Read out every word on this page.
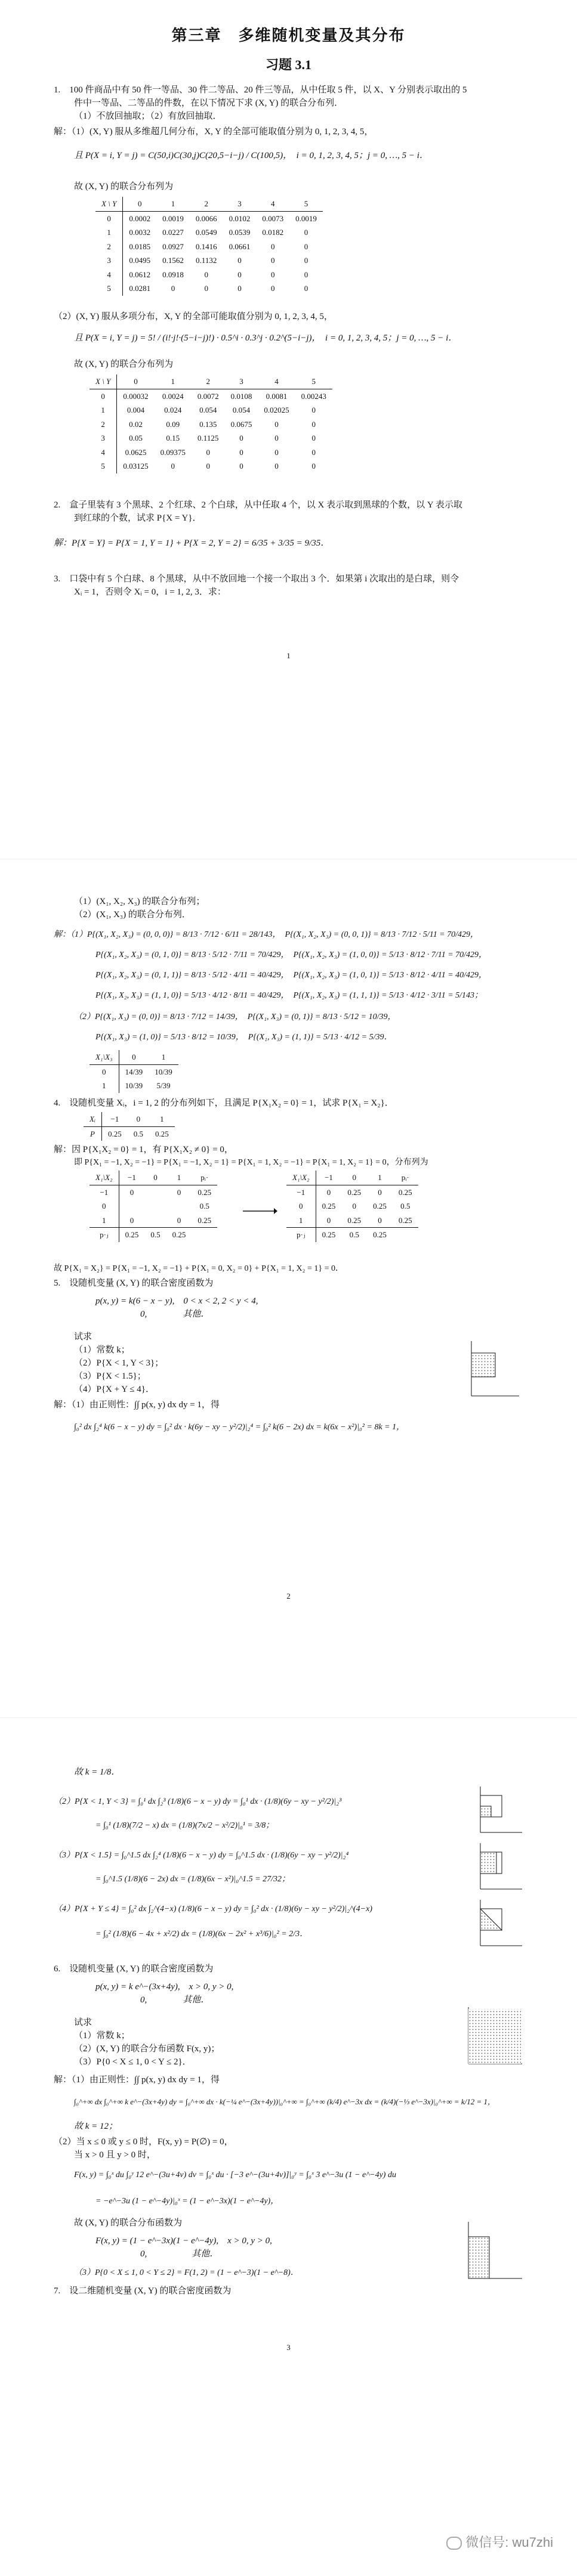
第三章　多维随机变量及其分布
习题 3.1
1.　100 件商品中有 50 件一等品、30 件二等品、20 件三等品，从中任取 5 件，以 X、Y 分别表示取出的 5
件中一等品、二等品的件数，在以下情况下求 (X, Y) 的联合分布列．
（1）不放回抽取；（2）有放回抽取．
解：（1）(X, Y) 服从多维超几何分布，X, Y 的全部可能取值分别为 0, 1, 2, 3, 4, 5，
且 P(X = i, Y = j) = C(50,i)C(30,j)C(20,5−i−j) / C(100,5)，　i = 0, 1, 2, 3, 4, 5；j = 0, …, 5 − i．
故 (X, Y) 的联合分布列为
X \ Y	0	1	2	3	4	5
0	0.0002	0.0019	0.0066	0.0102	0.0073	0.0019
1	0.0032	0.0227	0.0549	0.0539	0.0182	0
2	0.0185	0.0927	0.1416	0.0661	0	0
3	0.0495	0.1562	0.1132	0	0	0
4	0.0612	0.0918	0	0	0	0
5	0.0281	0	0	0	0	0
（2）(X, Y) 服从多项分布，X, Y 的全部可能取值分别为 0, 1, 2, 3, 4, 5，
且 P(X = i, Y = j) = 5! / (i!·j!·(5−i−j)!) · 0.5^i · 0.3^j · 0.2^(5−i−j)，　i = 0, 1, 2, 3, 4, 5；j = 0, …, 5 − i．
故 (X, Y) 的联合分布列为
X \ Y	0	1	2	3	4	5
0	0.00032	0.0024	0.0072	0.0108	0.0081	0.00243
1	0.004	0.024	0.054	0.054	0.02025	0
2	0.02	0.09	0.135	0.0675	0	0
3	0.05	0.15	0.1125	0	0	0
4	0.0625	0.09375	0	0	0	0
5	0.03125	0	0	0	0	0
2.　盒子里装有 3 个黑球、2 个红球、2 个白球，从中任取 4 个，以 X 表示取到黑球的个数，以 Y 表示取
到红球的个数，试求 P{X = Y}．
解：P{X = Y} = P{X = 1, Y = 1} + P{X = 2, Y = 2} = 6/35 + 3/35 = 9/35．
3.　口袋中有 5 个白球、8 个黑球，从中不放回地一个接一个取出 3 个．如果第 i 次取出的是白球，则令
Xᵢ = 1，否则令 Xᵢ = 0，i = 1, 2, 3．求：
1
（1）(X₁, X₂, X₃) 的联合分布列；
（2）(X₁, X₃) 的联合分布列．
解：（1）P{(X₁, X₂, X₃) = (0, 0, 0)} = 8/13 · 7/12 · 6/11 = 28/143，　P{(X₁, X₂, X₃) = (0, 0, 1)} = 8/13 · 7/12 · 5/11 = 70/429，
P{(X₁, X₂, X₃) = (0, 1, 0)} = 8/13 · 5/12 · 7/11 = 70/429，　P{(X₁, X₂, X₃) = (1, 0, 0)} = 5/13 · 8/12 · 7/11 = 70/429，
P{(X₁, X₂, X₃) = (0, 1, 1)} = 8/13 · 5/12 · 4/11 = 40/429，　P{(X₁, X₂, X₃) = (1, 0, 1)} = 5/13 · 8/12 · 4/11 = 40/429，
P{(X₁, X₂, X₃) = (1, 1, 0)} = 5/13 · 4/12 · 8/11 = 40/429，　P{(X₁, X₂, X₃) = (1, 1, 1)} = 5/13 · 4/12 · 3/11 = 5/143；
（2）P{(X₁, X₃) = (0, 0)} = 8/13 · 7/12 = 14/39，　P{(X₁, X₃) = (0, 1)} = 8/13 · 5/12 = 10/39，
P{(X₁, X₃) = (1, 0)} = 5/13 · 8/12 = 10/39，　P{(X₁, X₃) = (1, 1)} = 5/13 · 4/12 = 5/39．
X₁\X₃	0	1
0	14/39	10/39
1	10/39	5/39
4.　设随机变量 Xᵢ，i = 1, 2 的分布列如下，且满足 P{X₁X₂ = 0} = 1，试求 P{X₁ = X₂}．
Xᵢ	−1	0	1
P	0.25	0.5	0.25
解：因 P{X₁X₂ = 0} = 1，有 P{X₁X₂ ≠ 0} = 0，
即 P{X₁ = −1, X₂ = −1} = P{X₁ = −1, X₂ = 1} = P{X₁ = 1, X₂ = −1} = P{X₁ = 1, X₂ = 1} = 0，分布列为
X₁\X₂	−1	0	1	pᵢ·
−1	0		0	0.25
0				0.5
1	0		0	0.25
p·ⱼ	0.25	0.5	0.25	
X₁\X₂	−1	0	1	pᵢ·
−1	0	0.25	0	0.25
0	0.25	0	0.25	0.5
1	0	0.25	0	0.25
p·ⱼ	0.25	0.5	0.25	
故 P{X₁ = X₂} = P{X₁ = −1, X₂ = −1} + P{X₁ = 0, X₂ = 0} + P{X₁ = 1, X₂ = 1} = 0．
5.　设随机变量 (X, Y) 的联合密度函数为
p(x, y) = k(6 − x − y),　0 < x < 2, 2 < y < 4,
　　　　　0,　　　　其他．
试求
（1）常数 k；
（2）P{X < 1, Y < 3}；
（3）P{X < 1.5}；
（4）P{X + Y ≤ 4}．
解：（1）由正则性：∫∫ p(x, y) dx dy = 1，得
∫₀² dx ∫₂⁴ k(6 − x − y) dy = ∫₀² dx · k(6y − xy − y²/2)|₂⁴ = ∫₀² k(6 − 2x) dx = k(6x − x²)|₀² = 8k = 1，
2
故 k = 1/8．
（2）P{X < 1, Y < 3} = ∫₀¹ dx ∫₂³ (1/8)(6 − x − y) dy = ∫₀¹ dx · (1/8)(6y − xy − y²/2)|₂³
= ∫₀¹ (1/8)(7/2 − x) dx = (1/8)(7x/2 − x²/2)|₀¹ = 3/8；
（3）P{X < 1.5} = ∫₀^1.5 dx ∫₂⁴ (1/8)(6 − x − y) dy = ∫₀^1.5 dx · (1/8)(6y − xy − y²/2)|₂⁴
= ∫₀^1.5 (1/8)(6 − 2x) dx = (1/8)(6x − x²)|₀^1.5 = 27/32；
（4）P{X + Y ≤ 4} = ∫₀² dx ∫₂^(4−x) (1/8)(6 − x − y) dy = ∫₀² dx · (1/8)(6y − xy − y²/2)|₂^(4−x)
= ∫₀² (1/8)(6 − 4x + x²/2) dx = (1/8)(6x − 2x² + x³/6)|₀² = 2/3．
6.　设随机变量 (X, Y) 的联合密度函数为
p(x, y) = k e^−(3x+4y),　x > 0, y > 0,
　　　　　0,　　　　其他．
试求
（1）常数 k；
（2）(X, Y) 的联合分布函数 F(x, y)；
（3）P{0 < X ≤ 1, 0 < Y ≤ 2}．
解：（1）由正则性：∫∫ p(x, y) dx dy = 1，得
∫₀^+∞ dx ∫₀^+∞ k e^−(3x+4y) dy = ∫₀^+∞ dx · k(−¼ e^−(3x+4y))|₀^+∞ = ∫₀^+∞ (k/4) e^−3x dx = (k/4)(−⅓ e^−3x)|₀^+∞ = k/12 = 1，
故 k = 12；
（2）当 x ≤ 0 或 y ≤ 0 时，F(x, y) = P(∅) = 0，
当 x > 0 且 y > 0 时，
F(x, y) = ∫₀ˣ du ∫₀ʸ 12 e^−(3u+4v) dv = ∫₀ˣ du · [−3 e^−(3u+4v)]|₀ʸ = ∫₀ˣ 3 e^−3u (1 − e^−4y) du
= −e^−3u (1 − e^−4y)|₀ˣ = (1 − e^−3x)(1 − e^−4y)，
故 (X, Y) 的联合分布函数为
F(x, y) = (1 − e^−3x)(1 − e^−4y),　x > 0, y > 0,
　　　　　0,　　　　　其他．
（3）P{0 < X ≤ 1, 0 < Y ≤ 2} = F(1, 2) = (1 − e^−3)(1 − e^−8)．
7.　设二维随机变量 (X, Y) 的联合密度函数为
3
微信号: wu7zhi
